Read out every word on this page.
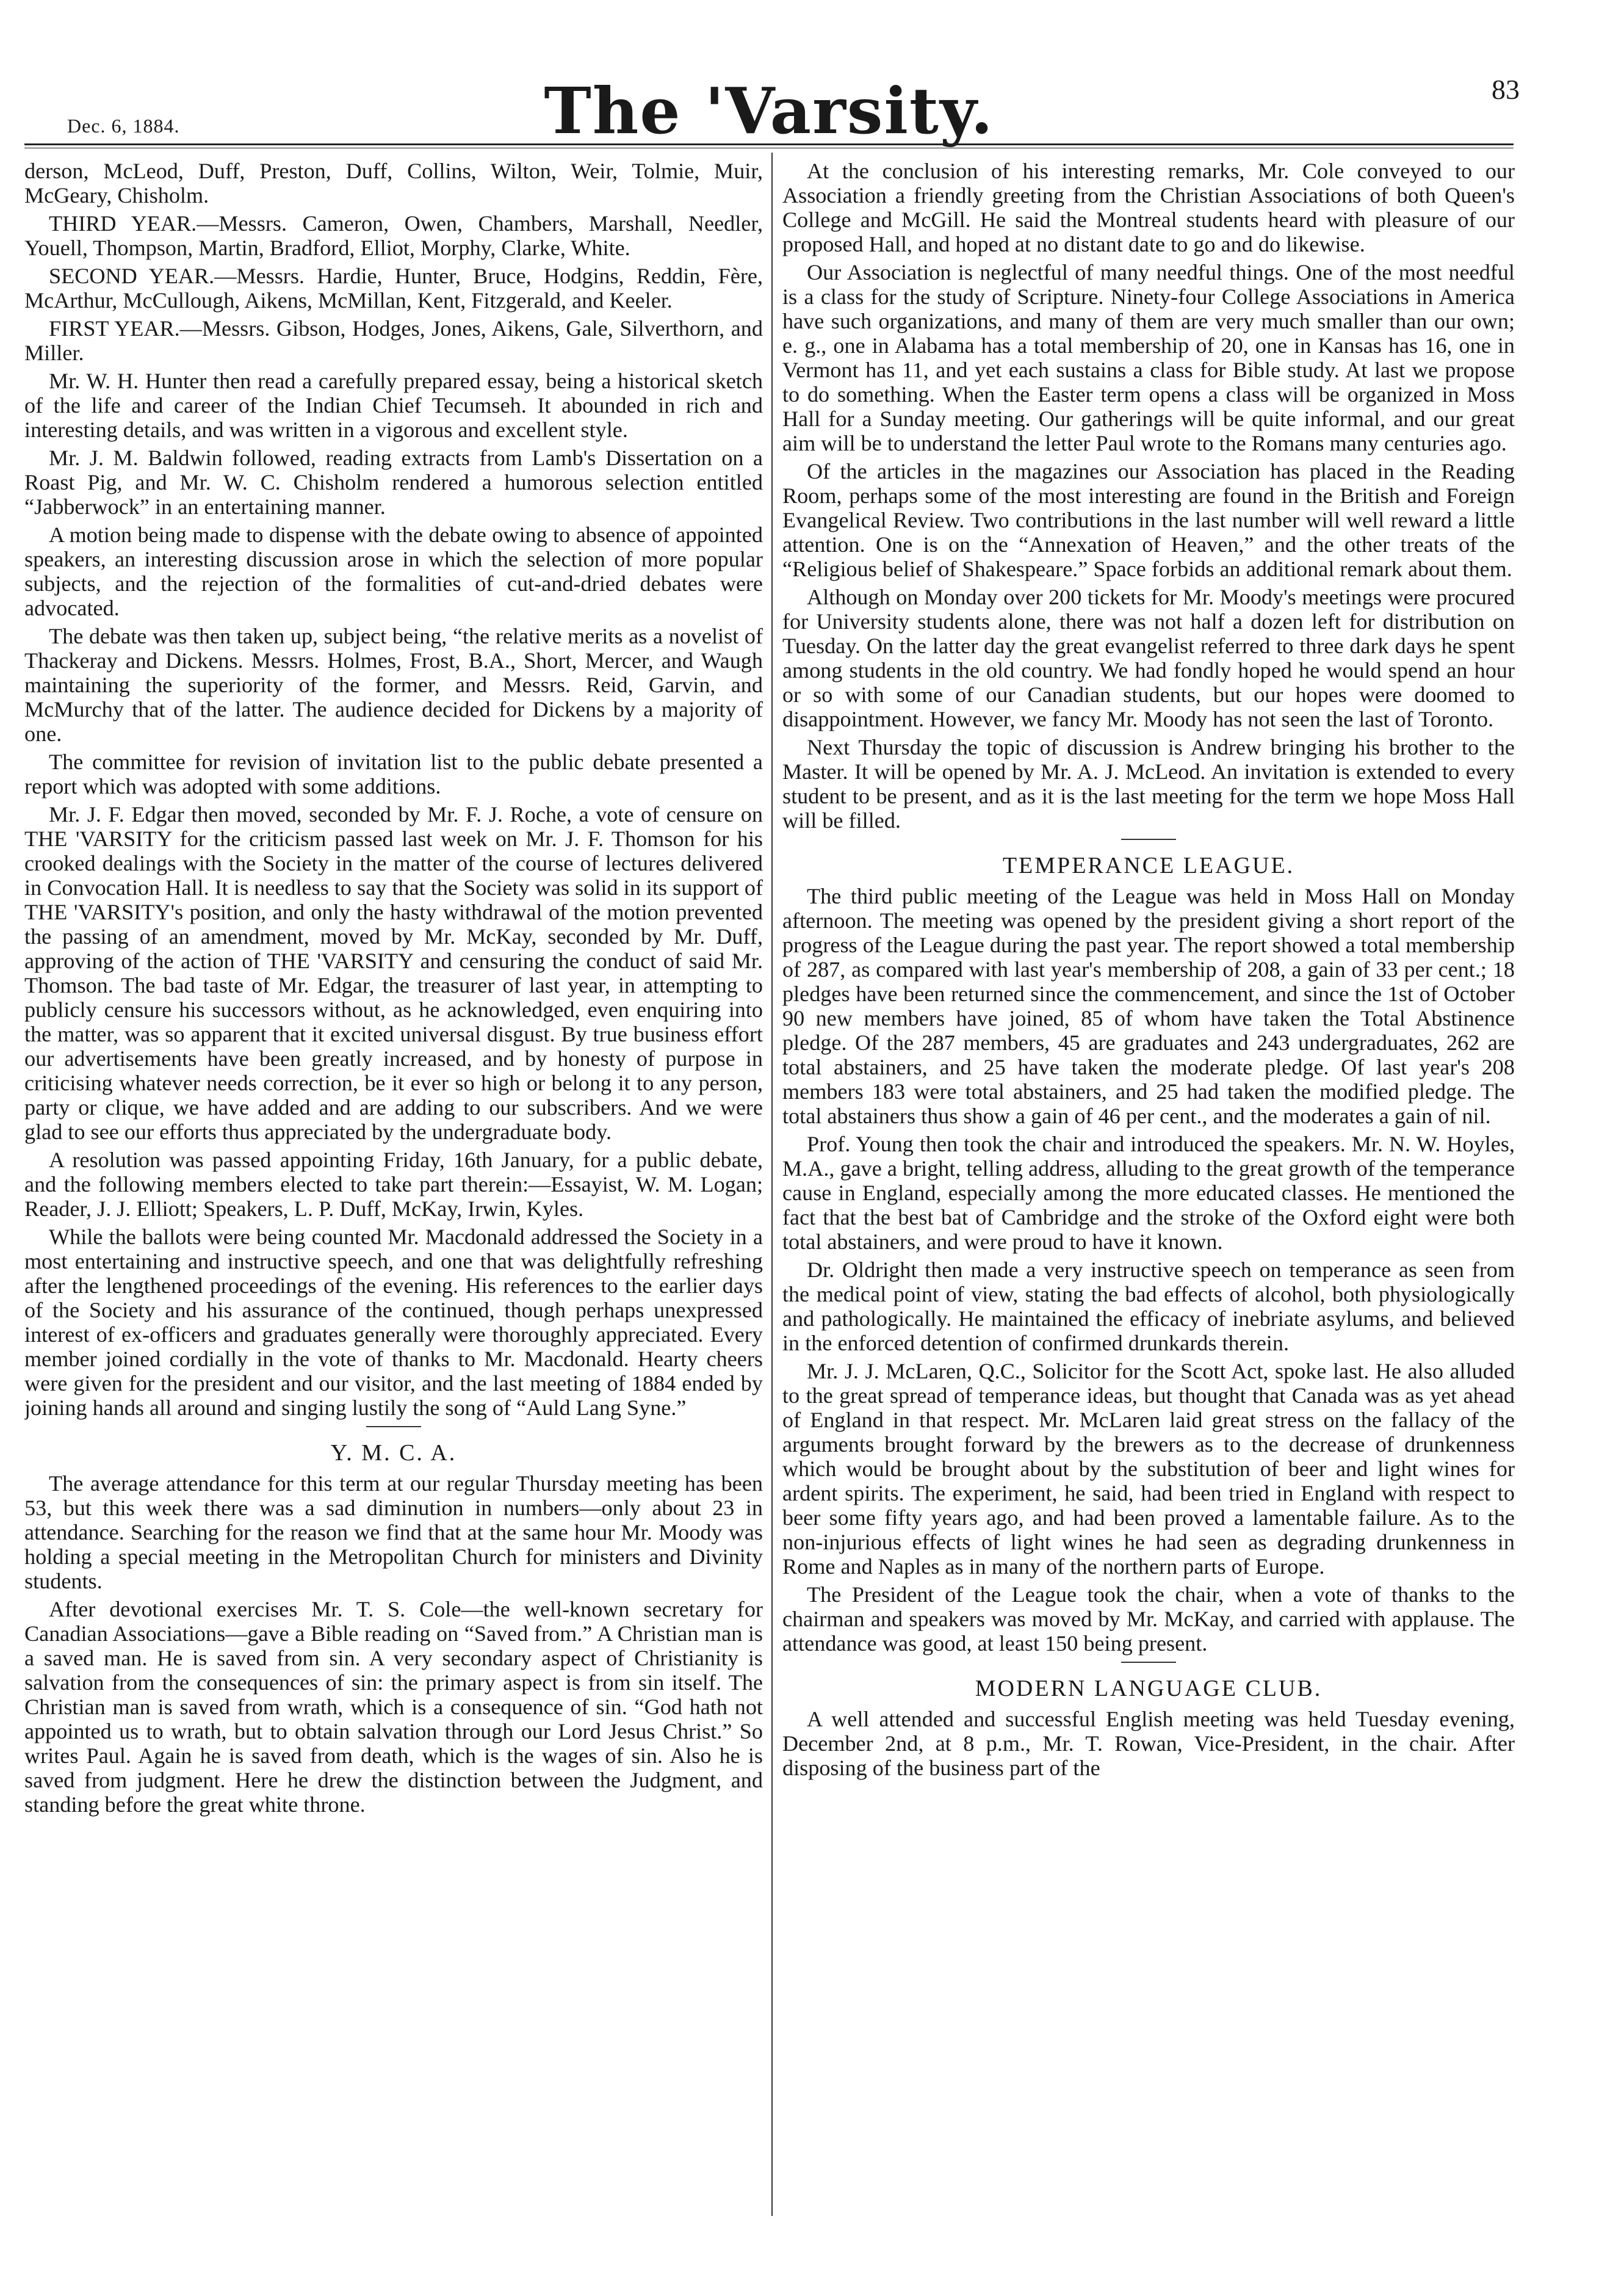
Dec. 6, 1884.	The 'Varsity.	83

derson, McLeod, Duff, Preston, Duff, Collins, Wilton, Weir, Tolmie, Muir, McGeary, Chisholm.

THIRD YEAR.—Messrs. Cameron, Owen, Chambers, Marshall, Needler, Youell, Thompson, Martin, Bradford, Elliot, Morphy, Clarke, White.

SECOND YEAR.—Messrs. Hardie, Hunter, Bruce, Hodgins, Reddin, Fère, McArthur, McCullough, Aikens, McMillan, Kent, Fitzgerald, and Keeler.

FIRST YEAR.—Messrs. Gibson, Hodges, Jones, Aikens, Gale, Silverthorn, and Miller.

Mr. W. H. Hunter then read a carefully prepared essay, being a historical sketch of the life and career of the Indian Chief Tecumseh. It abounded in rich and interesting details, and was written in a vigorous and excellent style.

Mr. J. M. Baldwin followed, reading extracts from Lamb's Dissertation on a Roast Pig, and Mr. W. C. Chisholm rendered a humorous selection entitled “Jabberwock” in an entertaining manner.

A motion being made to dispense with the debate owing to absence of appointed speakers, an interesting discussion arose in which the selection of more popular subjects, and the rejection of the formalities of cut-and-dried debates were advocated.

The debate was then taken up, subject being, “the relative merits as a novelist of Thackeray and Dickens. Messrs. Holmes, Frost, B.A., Short, Mercer, and Waugh maintaining the superiority of the former, and Messrs. Reid, Garvin, and McMurchy that of the latter. The audience decided for Dickens by a majority of one.

The committee for revision of invitation list to the public debate presented a report which was adopted with some additions.

Mr. J. F. Edgar then moved, seconded by Mr. F. J. Roche, a vote of censure on THE 'VARSITY for the criticism passed last week on Mr. J. F. Thomson for his crooked dealings with the Society in the matter of the course of lectures delivered in Convocation Hall. It is needless to say that the Society was solid in its support of THE 'VARSITY's position, and only the hasty withdrawal of the motion prevented the passing of an amendment, moved by Mr. McKay, seconded by Mr. Duff, approving of the action of THE 'VARSITY and censuring the conduct of said Mr. Thomson. The bad taste of Mr. Edgar, the treasurer of last year, in attempting to publicly censure his successors without, as he acknowledged, even enquiring into the matter, was so apparent that it excited universal disgust. By true business effort our advertisements have been greatly increased, and by honesty of purpose in criticising whatever needs correction, be it ever so high or belong it to any person, party or clique, we have added and are adding to our subscribers. And we were glad to see our efforts thus appreciated by the undergraduate body.

A resolution was passed appointing Friday, 16th January, for a public debate, and the following members elected to take part therein:—Essayist, W. M. Logan; Reader, J. J. Elliott; Speakers, L. P. Duff, McKay, Irwin, Kyles.

While the ballots were being counted Mr. Macdonald addressed the Society in a most entertaining and instructive speech, and one that was delightfully refreshing after the lengthened proceedings of the evening. His references to the earlier days of the Society and his assurance of the continued, though perhaps unexpressed interest of ex-officers and graduates generally were thoroughly appreciated. Every member joined cordially in the vote of thanks to Mr. Macdonald. Hearty cheers were given for the president and our visitor, and the last meeting of 1884 ended by joining hands all around and singing lustily the song of “Auld Lang Syne.”

Y. M. C. A.

The average attendance for this term at our regular Thursday meeting has been 53, but this week there was a sad diminution in numbers—only about 23 in attendance. Searching for the reason we find that at the same hour Mr. Moody was holding a special meeting in the Metropolitan Church for ministers and Divinity students.

After devotional exercises Mr. T. S. Cole—the well-known secretary for Canadian Associations—gave a Bible reading on “Saved from.” A Christian man is a saved man. He is saved from sin. A very secondary aspect of Christianity is salvation from the consequences of sin: the primary aspect is from sin itself. The Christian man is saved from wrath, which is a consequence of sin. “God hath not appointed us to wrath, but to obtain salvation through our Lord Jesus Christ.” So writes Paul. Again he is saved from death, which is the wages of sin. Also he is saved from judgment. Here he drew the distinction between the Judgment, and standing before the great white throne.

At the conclusion of his interesting remarks, Mr. Cole conveyed to our Association a friendly greeting from the Christian Associations of both Queen's College and McGill. He said the Montreal students heard with pleasure of our proposed Hall, and hoped at no distant date to go and do likewise.

Our Association is neglectful of many needful things. One of the most needful is a class for the study of Scripture. Ninety-four College Associations in America have such organizations, and many of them are very much smaller than our own; e. g., one in Alabama has a total membership of 20, one in Kansas has 16, one in Vermont has 11, and yet each sustains a class for Bible study. At last we propose to do something. When the Easter term opens a class will be organized in Moss Hall for a Sunday meeting. Our gatherings will be quite informal, and our great aim will be to understand the letter Paul wrote to the Romans many centuries ago.

Of the articles in the magazines our Association has placed in the Reading Room, perhaps some of the most interesting are found in the British and Foreign Evangelical Review. Two contributions in the last number will well reward a little attention. One is on the “Annexation of Heaven,” and the other treats of the “Religious belief of Shakespeare.” Space forbids an additional remark about them.

Although on Monday over 200 tickets for Mr. Moody's meetings were procured for University students alone, there was not half a dozen left for distribution on Tuesday. On the latter day the great evangelist referred to three dark days he spent among students in the old country. We had fondly hoped he would spend an hour or so with some of our Canadian students, but our hopes were doomed to disappointment. However, we fancy Mr. Moody has not seen the last of Toronto.

Next Thursday the topic of discussion is Andrew bringing his brother to the Master. It will be opened by Mr. A. J. McLeod. An invitation is extended to every student to be present, and as it is the last meeting for the term we hope Moss Hall will be filled.

TEMPERANCE LEAGUE.

The third public meeting of the League was held in Moss Hall on Monday afternoon. The meeting was opened by the president giving a short report of the progress of the League during the past year. The report showed a total membership of 287, as compared with last year's membership of 208, a gain of 33 per cent.; 18 pledges have been returned since the commencement, and since the 1st of October 90 new members have joined, 85 of whom have taken the Total Abstinence pledge. Of the 287 members, 45 are graduates and 243 undergraduates, 262 are total abstainers, and 25 have taken the moderate pledge. Of last year's 208 members 183 were total abstainers, and 25 had taken the modified pledge. The total abstainers thus show a gain of 46 per cent., and the moderates a gain of nil.

Prof. Young then took the chair and introduced the speakers. Mr. N. W. Hoyles, M.A., gave a bright, telling address, alluding to the great growth of the temperance cause in England, especially among the more educated classes. He mentioned the fact that the best bat of Cambridge and the stroke of the Oxford eight were both total abstainers, and were proud to have it known.

Dr. Oldright then made a very instructive speech on temperance as seen from the medical point of view, stating the bad effects of alcohol, both physiologically and pathologically. He maintained the efficacy of inebriate asylums, and believed in the enforced detention of confirmed drunkards therein.

Mr. J. J. McLaren, Q.C., Solicitor for the Scott Act, spoke last. He also alluded to the great spread of temperance ideas, but thought that Canada was as yet ahead of England in that respect. Mr. McLaren laid great stress on the fallacy of the arguments brought forward by the brewers as to the decrease of drunkenness which would be brought about by the substitution of beer and light wines for ardent spirits. The experiment, he said, had been tried in England with respect to beer some fifty years ago, and had been proved a lamentable failure. As to the non-injurious effects of light wines he had seen as degrading drunkenness in Rome and Naples as in many of the northern parts of Europe.

The President of the League took the chair, when a vote of thanks to the chairman and speakers was moved by Mr. McKay, and carried with applause. The attendance was good, at least 150 being present.

MODERN LANGUAGE CLUB.

A well attended and successful English meeting was held Tuesday evening, December 2nd, at 8 p.m., Mr. T. Rowan, Vice-President, in the chair. After disposing of the business part of the
